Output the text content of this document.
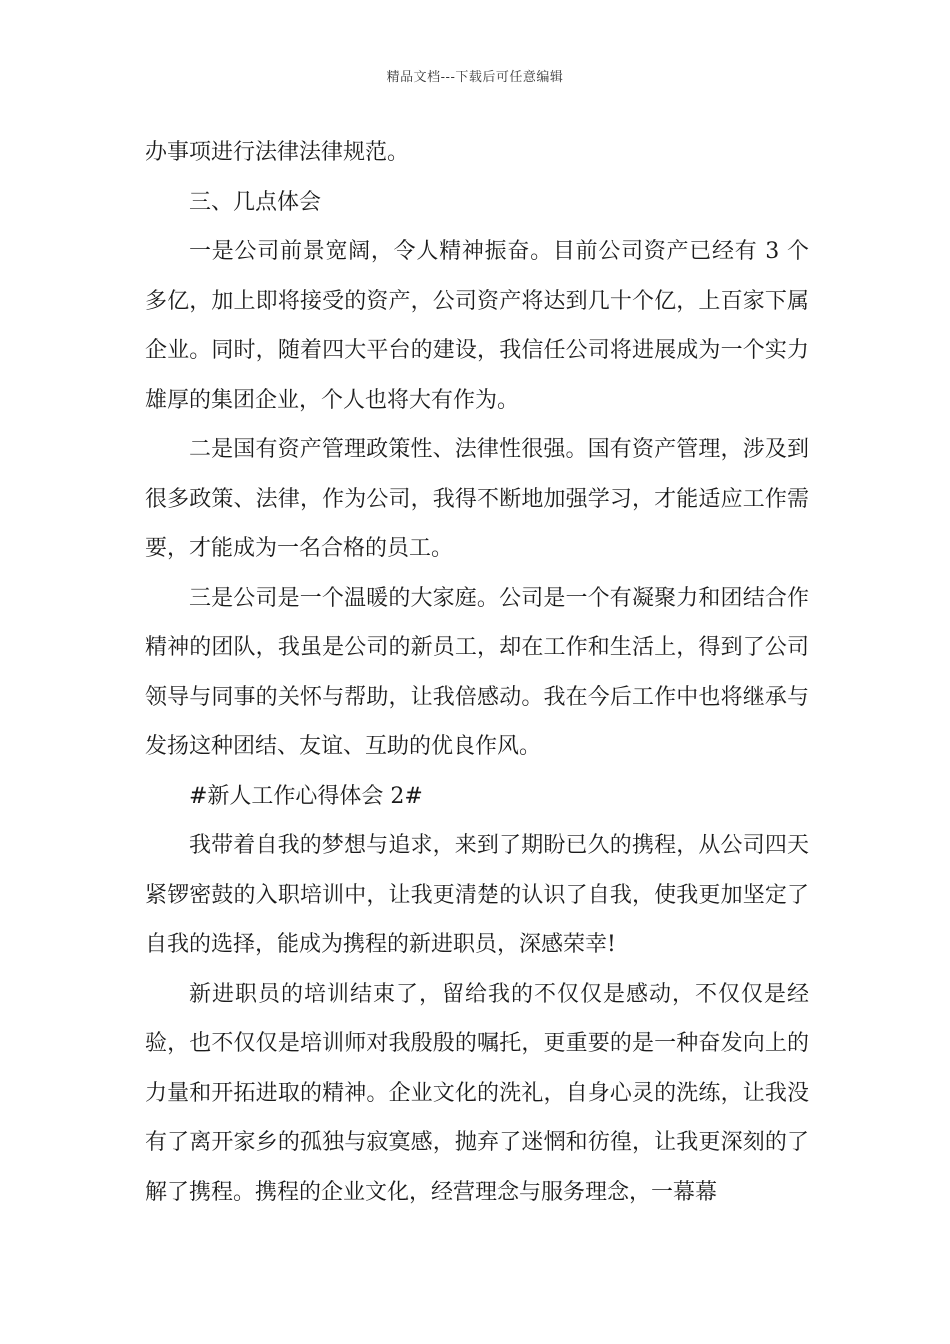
精品文档---下载后可任意编辑

办事项进行法律法律规范。

三、几点体会

一是公司前景宽阔，令人精神振奋。目前公司资产已经有 3 个多亿，加上即将接受的资产，公司资产将达到几十个亿，上百家下属企业。同时，随着四大平台的建设，我信任公司将进展成为一个实力雄厚的集团企业，个人也将大有作为。

二是国有资产管理政策性、法律性很强。国有资产管理，涉及到很多政策、法律，作为公司，我得不断地加强学习，才能适应工作需要，才能成为一名合格的员工。

三是公司是一个温暖的大家庭。公司是一个有凝聚力和团结合作精神的团队，我虽是公司的新员工，却在工作和生活上，得到了公司领导与同事的关怀与帮助，让我倍感动。我在今后工作中也将继承与发扬这种团结、友谊、互助的优良作风。

#新人工作心得体会 2#

我带着自我的梦想与追求，来到了期盼已久的携程，从公司四天紧锣密鼓的入职培训中，让我更清楚的认识了自我，使我更加坚定了自我的选择，能成为携程的新进职员，深感荣幸!

新进职员的培训结束了，留给我的不仅仅是感动，不仅仅是经验，也不仅仅是培训师对我殷殷的嘱托，更重要的是一种奋发向上的力量和开拓进取的精神。企业文化的洗礼，自身心灵的洗练，让我没有了离开家乡的孤独与寂寞感，抛弃了迷惘和彷徨，让我更深刻的了解了携程。携程的企业文化，经营理念与服务理念，一幕幕
